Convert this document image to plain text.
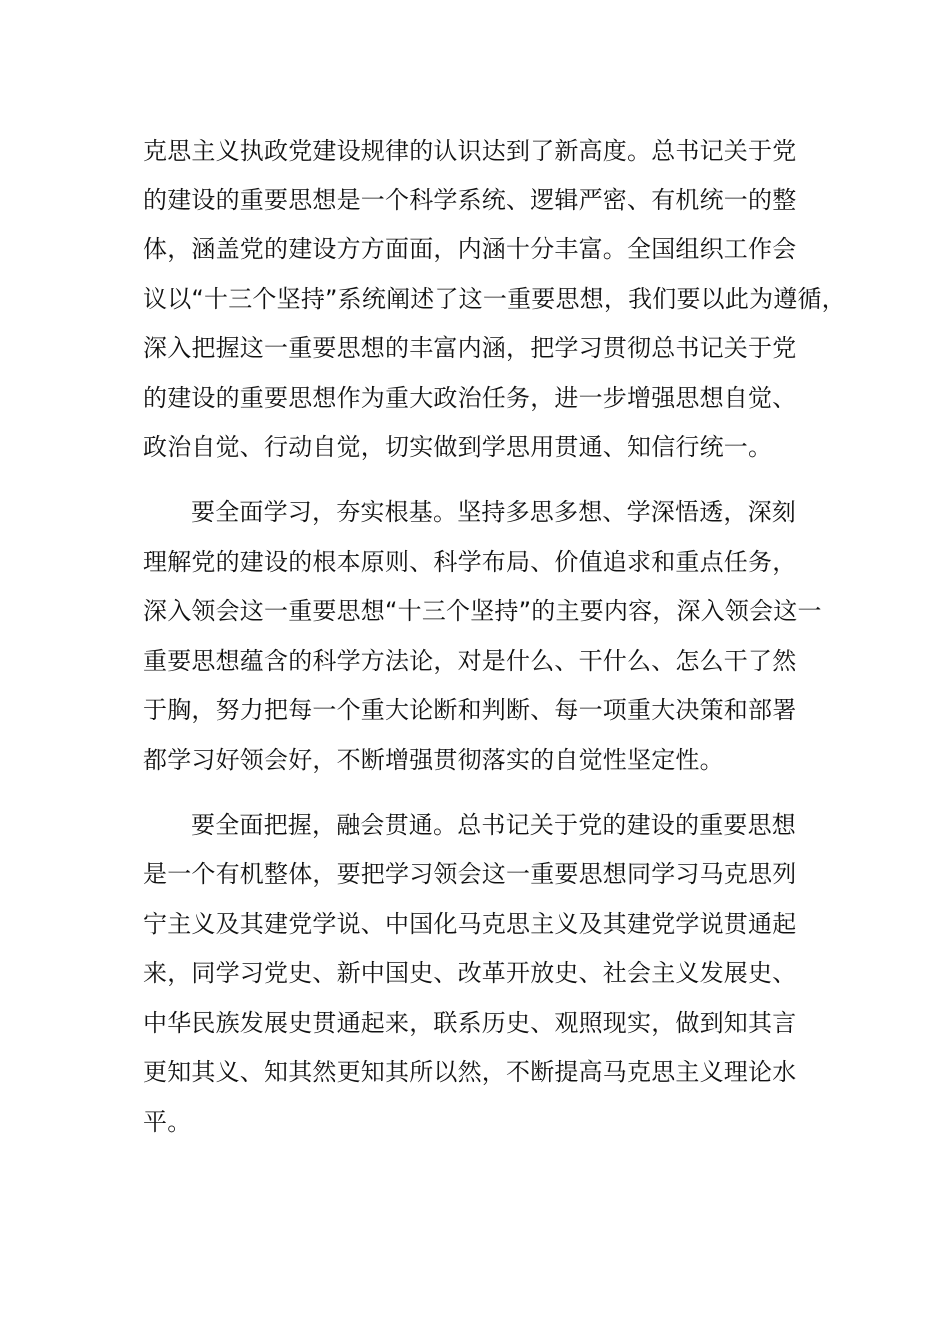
克思主义执政党建设规律的认识达到了新高度。总书记关于党
的建设的重要思想是一个科学系统、逻辑严密、有机统一的整
体，涵盖党的建设方方面面，内涵十分丰富。全国组织工作会
议以“十三个坚持”系统阐述了这一重要思想，我们要以此为遵循，
深入把握这一重要思想的丰富内涵，把学习贯彻总书记关于党
的建设的重要思想作为重大政治任务，进一步增强思想自觉、
政治自觉、行动自觉，切实做到学思用贯通、知信行统一。
要全面学习，夯实根基。坚持多思多想、学深悟透，深刻
理解党的建设的根本原则、科学布局、价值追求和重点任务，
深入领会这一重要思想“十三个坚持”的主要内容，深入领会这一
重要思想蕴含的科学方法论，对是什么、干什么、怎么干了然
于胸，努力把每一个重大论断和判断、每一项重大决策和部署
都学习好领会好，不断增强贯彻落实的自觉性坚定性。
要全面把握，融会贯通。总书记关于党的建设的重要思想
是一个有机整体，要把学习领会这一重要思想同学习马克思列
宁主义及其建党学说、中国化马克思主义及其建党学说贯通起
来，同学习党史、新中国史、改革开放史、社会主义发展史、
中华民族发展史贯通起来，联系历史、观照现实，做到知其言
更知其义、知其然更知其所以然，不断提高马克思主义理论水
平。
